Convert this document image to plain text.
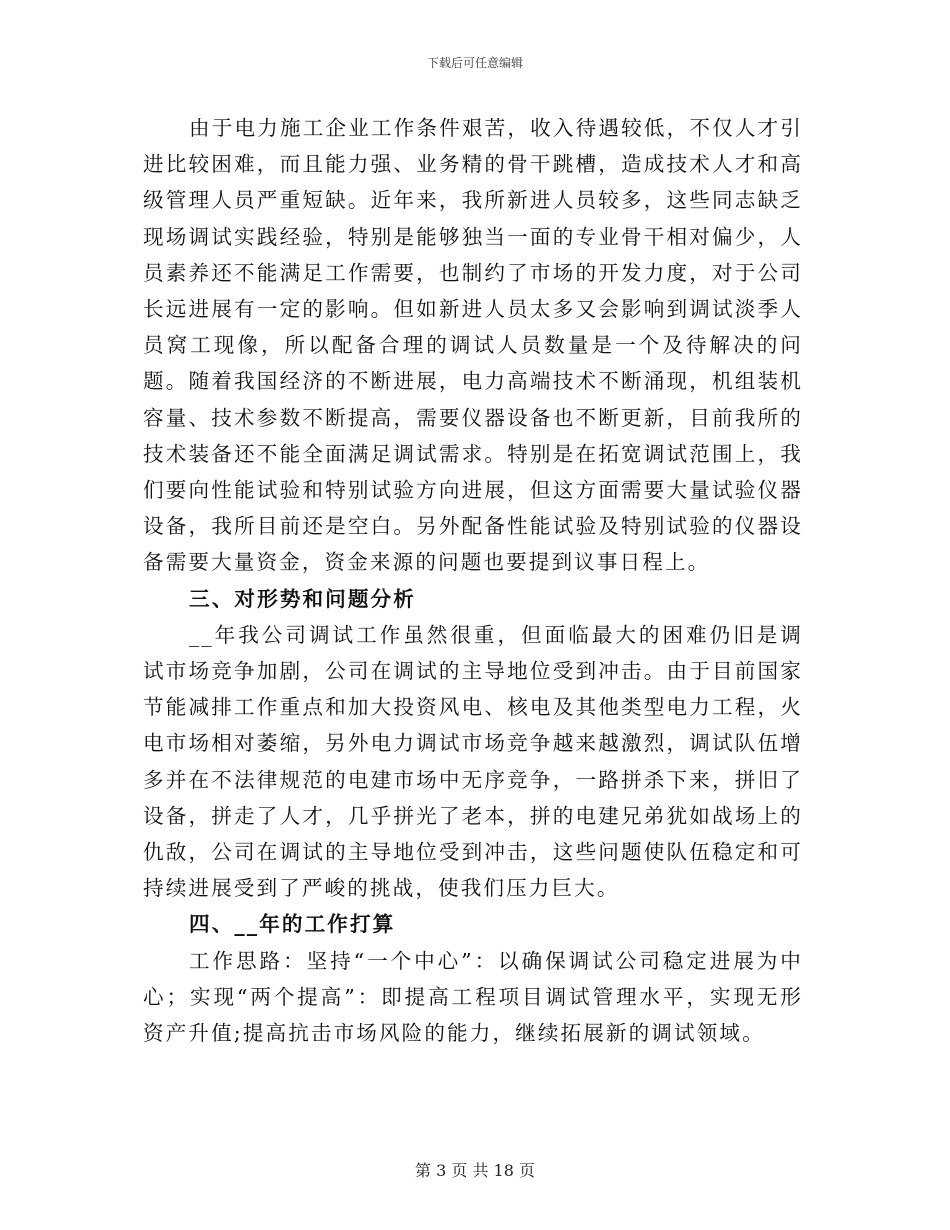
下载后可任意编辑

由于电力施工企业工作条件艰苦，收入待遇较低，不仅人才引进比较困难，而且能力强、业务精的骨干跳槽，造成技术人才和高级管理人员严重短缺。近年来，我所新进人员较多，这些同志缺乏现场调试实践经验，特别是能够独当一面的专业骨干相对偏少，人员素养还不能满足工作需要，也制约了市场的开发力度，对于公司长远进展有一定的影响。但如新进人员太多又会影响到调试淡季人员窝工现像，所以配备合理的调试人员数量是一个及待解决的问题。随着我国经济的不断进展，电力高端技术不断涌现，机组装机容量、技术参数不断提高，需要仪器设备也不断更新，目前我所的技术装备还不能全面满足调试需求。特别是在拓宽调试范围上，我们要向性能试验和特别试验方向进展，但这方面需要大量试验仪器设备，我所目前还是空白。另外配备性能试验及特别试验的仪器设备需要大量资金，资金来源的问题也要提到议事日程上。

三、对形势和问题分析

__年我公司调试工作虽然很重，但面临最大的困难仍旧是调试市场竞争加剧，公司在调试的主导地位受到冲击。由于目前国家节能减排工作重点和加大投资风电、核电及其他类型电力工程，火电市场相对萎缩，另外电力调试市场竞争越来越激烈，调试队伍增多并在不法律规范的电建市场中无序竞争，一路拼杀下来，拼旧了设备，拼走了人才，几乎拼光了老本，拼的电建兄弟犹如战场上的仇敌，公司在调试的主导地位受到冲击，这些问题使队伍稳定和可持续进展受到了严峻的挑战，使我们压力巨大。

四、__年的工作打算

工作思路：坚持“一个中心”：以确保调试公司稳定进展为中心；实现“两个提高”：即提高工程项目调试管理水平，实现无形资产升值;提高抗击市场风险的能力，继续拓展新的调试领域。

第 3 页 共 18 页
